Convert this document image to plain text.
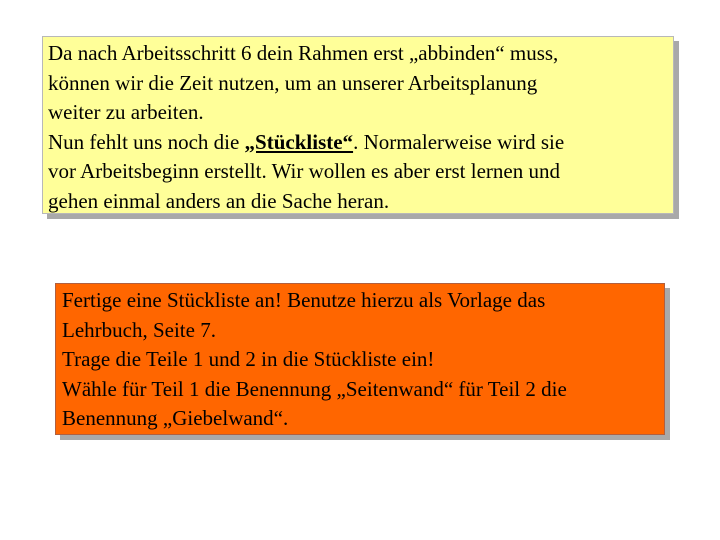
Da nach Arbeitsschritt 6 dein Rahmen erst „abbinden“ muss,
können wir die Zeit nutzen, um an unserer Arbeitsplanung
weiter zu arbeiten.
Nun fehlt uns noch die „Stückliste“. Normalerweise wird sie
vor Arbeitsbeginn erstellt. Wir wollen es aber erst lernen und
gehen einmal anders an die Sache heran.
Fertige eine Stückliste an! Benutze hierzu als Vorlage das
Lehrbuch, Seite 7.
Trage die Teile 1 und 2 in die Stückliste ein!
Wähle für Teil 1 die Benennung „Seitenwand“ für Teil 2 die
Benennung „Giebelwand“.
